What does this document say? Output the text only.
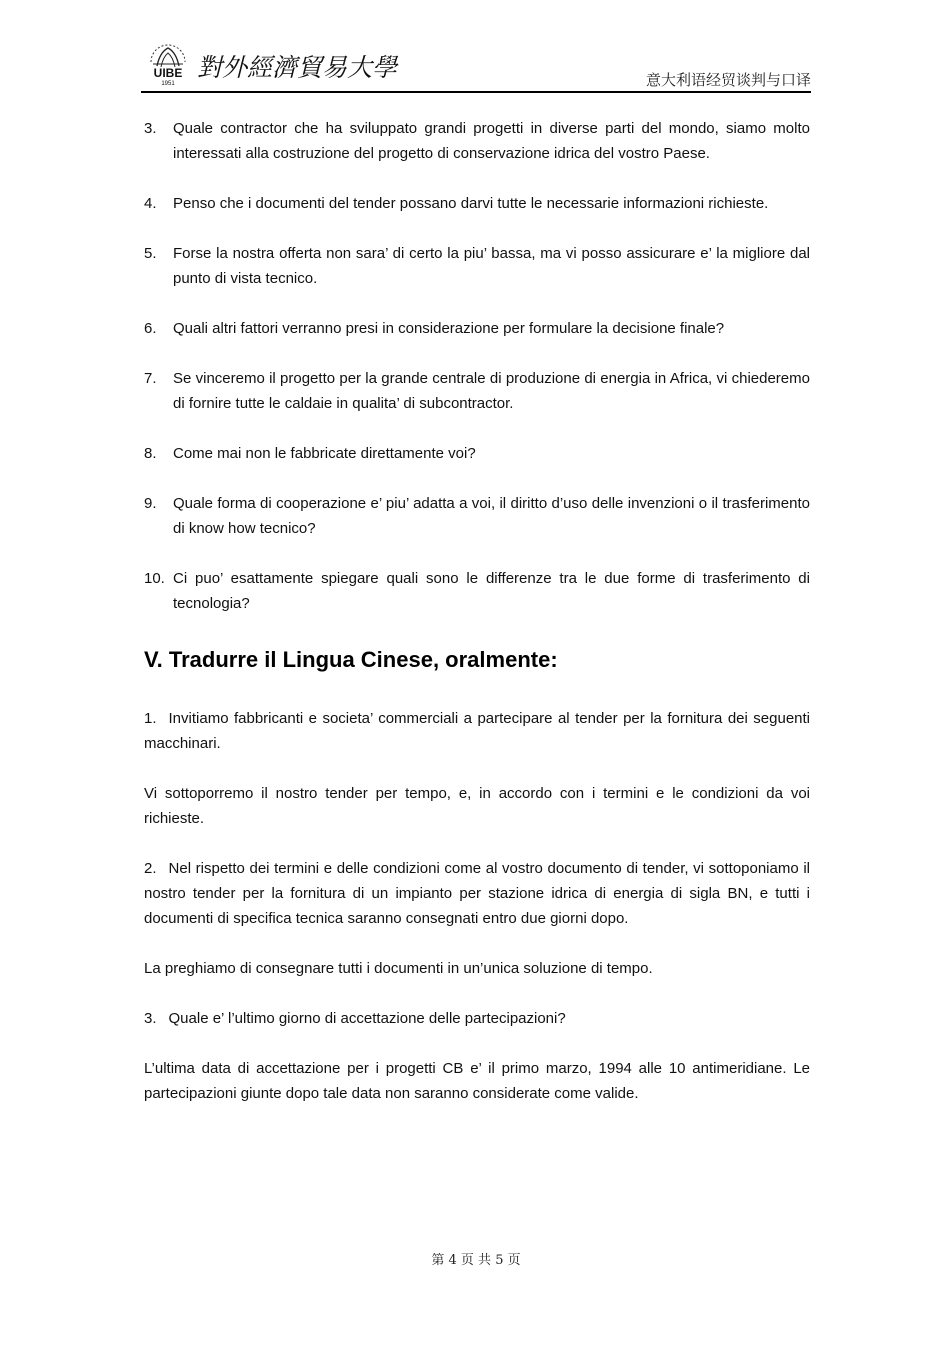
UIBE
1951
對外經濟貿易大學	意大利语经贸谈判与口译
3.	Quale contractor che ha sviluppato grandi progetti in diverse parti del mondo, siamo molto interessati alla costruzione del progetto di conservazione idrica del vostro Paese.
4.	Penso che i documenti del tender possano darvi tutte le necessarie informazioni richieste.
5.	Forse la nostra offerta non sara’ di certo la piu’ bassa, ma vi posso assicurare e’ la migliore dal punto di vista tecnico.
6.	Quali altri fattori verranno presi in considerazione per formulare la decisione finale?
7.	Se vinceremo il progetto per la grande centrale di produzione di energia in Africa, vi chiederemo di fornire tutte le caldaie in qualita’ di subcontractor.
8.	Come mai non le fabbricate direttamente voi?
9.	Quale forma di cooperazione e’ piu’ adatta a voi, il diritto d’uso delle invenzioni o il trasferimento di know how tecnico?
10. Ci puo’ esattamente spiegare quali sono le differenze tra le due forme di trasferimento di tecnologia?
V. Tradurre il Lingua Cinese, oralmente:

1. Invitiamo fabbricanti e societa’ commerciali a partecipare al tender per la fornitura dei seguenti macchinari.

Vi sottoporremo il nostro tender per tempo, e, in accordo con i termini e le condizioni da voi richieste.

2. Nel rispetto dei termini e delle condizioni come al vostro documento di tender, vi sottoponiamo il nostro tender per la fornitura di un impianto per stazione idrica di energia di sigla BN, e tutti i documenti di specifica tecnica saranno consegnati entro due giorni dopo.

La preghiamo di consegnare tutti i documenti in un’unica soluzione di tempo.

3. Quale e’ l’ultimo giorno di accettazione delle partecipazioni?

L’ultima data di accettazione per i progetti CB e’ il primo marzo, 1994 alle 10 antimeridiane. Le partecipazioni giunte dopo tale data non saranno considerate come valide.

第 4 页 共 5 页
